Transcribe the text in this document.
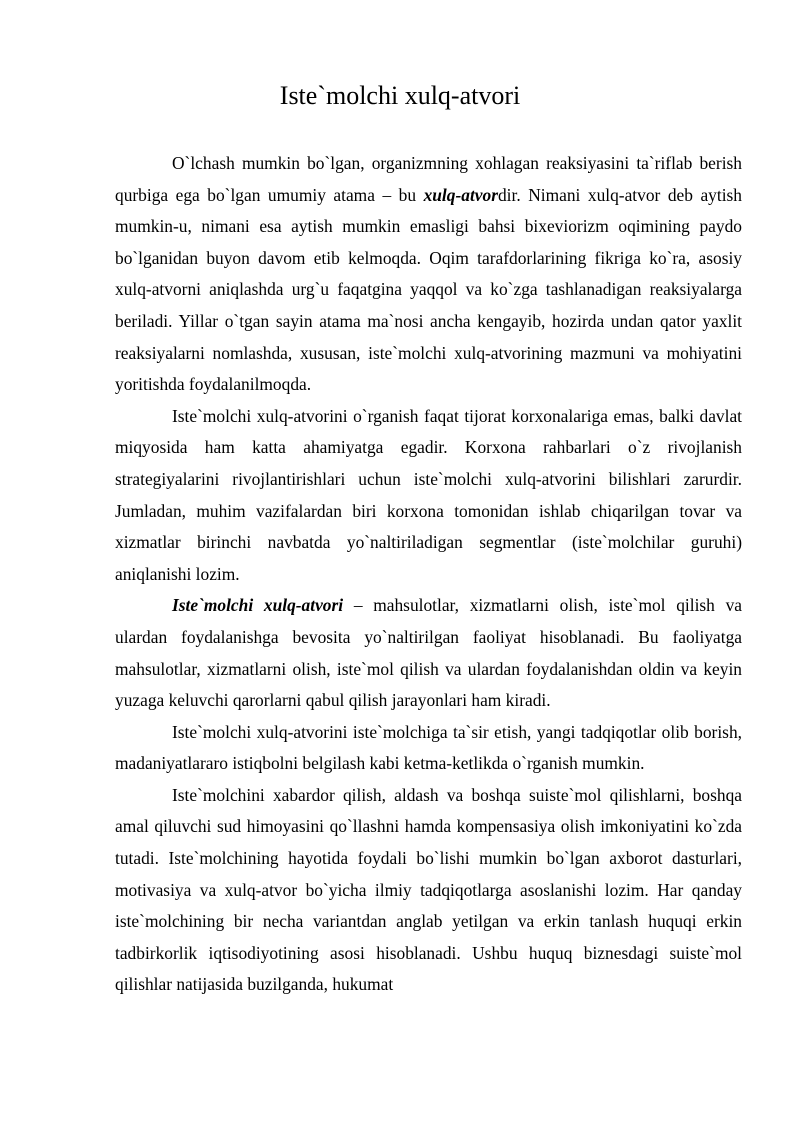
Iste`molchi xulq-atvori

O`lchash mumkin bo`lgan, organizmning xohlagan reaksiyasini ta`riflab berish qurbiga ega bo`lgan umumiy atama – bu xulq-atvordir. Nimani xulq-atvor deb aytish mumkin-u, nimani esa aytish mumkin emasligi bahsi bixeviorizm oqimining paydo bo`lganidan buyon davom etib kelmoqda. Oqim tarafdorlarining fikriga ko`ra, asosiy xulq-atvorni aniqlashda urg`u faqatgina yaqqol va ko`zga tashlanadigan reaksiyalarga beriladi. Yillar o`tgan sayin atama ma`nosi ancha kengayib, hozirda undan qator yaxlit reaksiyalarni nomlashda, xususan, iste`molchi xulq-atvorining mazmuni va mohiyatini yoritishda foydalanilmoqda.

Iste`molchi xulq-atvorini o`rganish faqat tijorat korxonalariga emas, balki davlat miqyosida ham katta ahamiyatga egadir. Korxona rahbarlari o`z rivojlanish strategiyalarini rivojlantirishlari uchun iste`molchi xulq-atvorini bilishlari zarurdir. Jumladan, muhim vazifalardan biri korxona tomonidan ishlab chiqarilgan tovar va xizmatlar birinchi navbatda yo`naltiriladigan segmentlar (iste`molchilar guruhi) aniqlanishi lozim.

Iste`molchi xulq-atvori – mahsulotlar, xizmatlarni olish, iste`mol qilish va ulardan foydalanishga bevosita yo`naltirilgan faoliyat hisoblanadi. Bu faoliyatga mahsulotlar, xizmatlarni olish, iste`mol qilish va ulardan foydalanishdan oldin va keyin yuzaga keluvchi qarorlarni qabul qilish jarayonlari ham kiradi.

Iste`molchi xulq-atvorini iste`molchiga ta`sir etish, yangi tadqiqotlar olib borish, madaniyatlararo istiqbolni belgilash kabi ketma-ketlikda o`rganish mumkin.

Iste`molchini xabardor qilish, aldash va boshqa suiste`mol qilishlarni, boshqa amal qiluvchi sud himoyasini qo`llashni hamda kompensasiya olish imkoniyatini ko`zda tutadi. Iste`molchining hayotida foydali bo`lishi mumkin bo`lgan axborot dasturlari, motivasiya va xulq-atvor bo`yicha ilmiy tadqiqotlarga asoslanishi lozim. Har qanday iste`molchining bir necha variantdan anglab yetilgan va erkin tanlash huquqi erkin tadbirkorlik iqtisodiyotining asosi hisoblanadi. Ushbu huquq biznesdagi suiste`mol qilishlar natijasida buzilganda, hukumat
